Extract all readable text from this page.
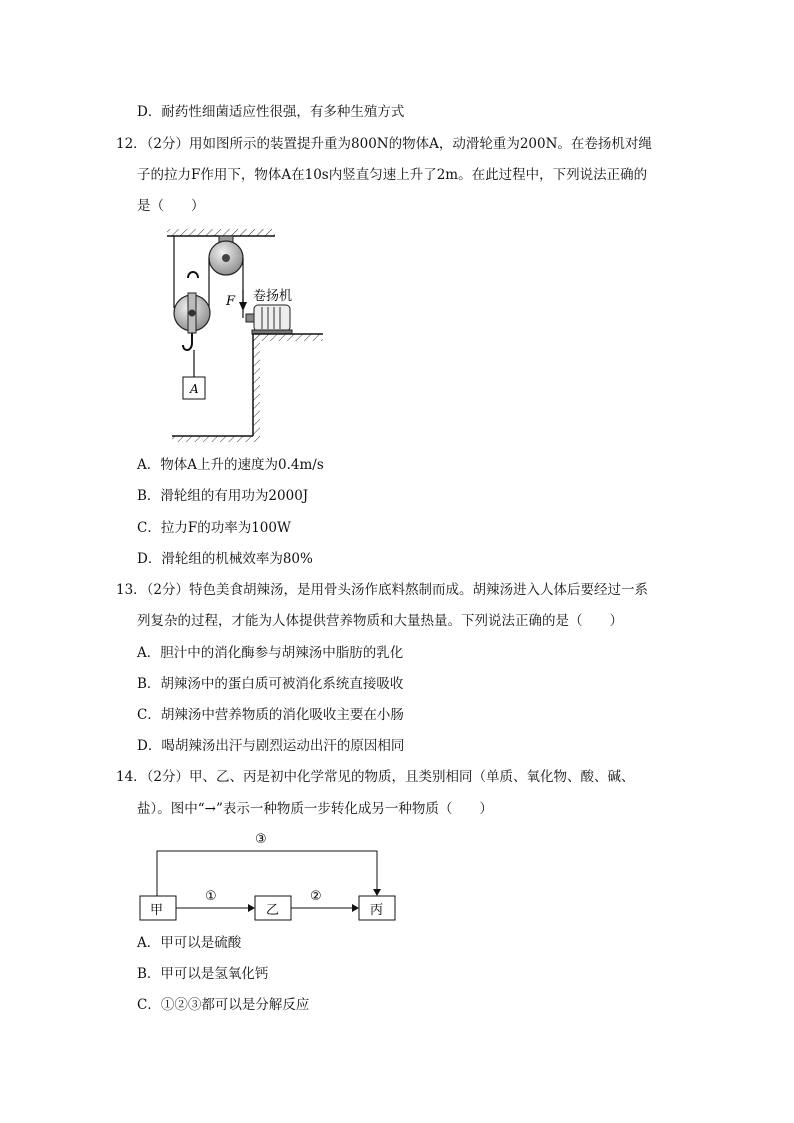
D．耐药性细菌适应性很强，有多种生殖方式
12．（2分）用如图所示的装置提升重为800N的物体A，动滑轮重为200N。在卷扬机对绳
子的拉力F作用下，物体A在10s内竖直匀速上升了2m。在此过程中，下列说法正确的
是（　　）
F
A
卷扬机
甲	乙	丙
①	②
③
A．物体A上升的速度为0.4m/s
B．滑轮组的有用功为2000J
C．拉力F的功率为100W
D．滑轮组的机械效率为80%
13．（2分）特色美食胡辣汤，是用骨头汤作底料熬制而成。胡辣汤进入人体后要经过一系
列复杂的过程，才能为人体提供营养物质和大量热量。下列说法正确的是（　　）
A．胆汁中的消化酶参与胡辣汤中脂肪的乳化
B．胡辣汤中的蛋白质可被消化系统直接吸收
C．胡辣汤中营养物质的消化吸收主要在小肠
D．喝胡辣汤出汗与剧烈运动出汗的原因相同
14．（2分）甲、乙、丙是初中化学常见的物质，且类别相同（单质、氧化物、酸、碱、
盐）。图中“→”表示一种物质一步转化成另一种物质（　　）
A．甲可以是硫酸
B．甲可以是氢氧化钙
C．①②③都可以是分解反应
